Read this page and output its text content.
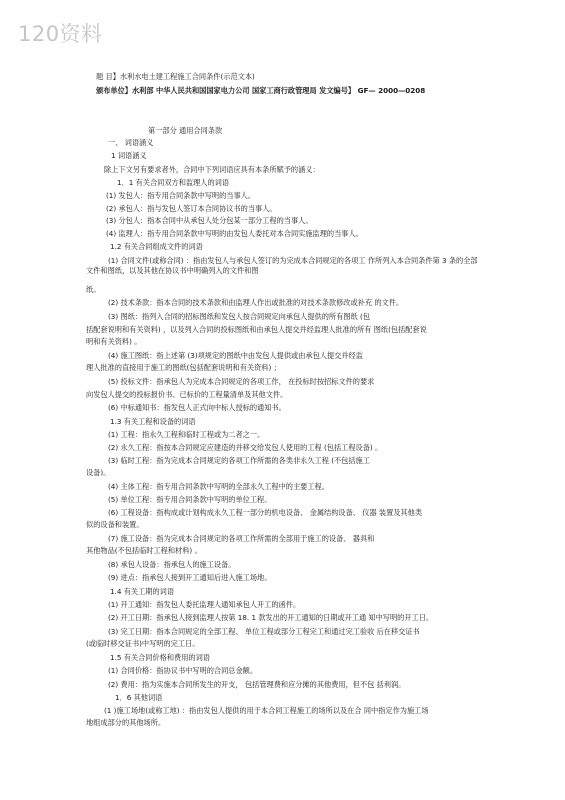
120资料
题 目】水利水电土建工程施工合同条件(示范文本)
颁布单位】水利部 中华人民共和国国家电力公司 国家工商行政管理局 发文编号】 GF— 2000—0208
第一部分 通用合同条款
一、 词语涵义
1 词语涵义
除上下文另有要求者外，合同中下列词语应具有本条所赋予的涵义：
1．1 有关合同双方和监理人的词语
(1) 发包人：指专用合同条款中写明的当事人。
(2) 承包人：指与发包人签订本合同协议书的当事人。
(3) 分包人：指本合同中从承包人处分包某一部分工程的当事人。
(4) 监理人：指专用合同条款中写明的由发包人委托对本合同实施监理的当事人。
1.2 有关合同组成文件的词语
(1) 合同文件(或称合同) ：指由发包人与承包人签订的为完成本合同规定的各项工 作所列入本合同条件第 3 条的全部文件和图纸，以及其他在协议书中明确列入的文件和图
纸。
(2) 技术条款：指本合同的技术条款和由监理人作出或批准的对技术条款修改或补充 的文件。
(3) 图纸：指列入合同的招标图纸和发包人按合同规定向承包人提供的所有图纸 (包
括配套说明和有关资料) ，以及列入合同的投标图纸和由承包人提交并经监理人批准的所有 图纸(包括配套说
明和有关资料) 。
(4) 施工图纸：指上述第 (3)项规定的图纸中由发包人提供或由承包人提交并经监
理人批准的直接用于施工的图纸(包括配套说明和有关资料) ；
(5) 投标文件：指承包人为完成本合同规定的各项工作， 在投标时按招标文件的要求
向发包人提交的投标报价书、已标价的工程量清单及其他文件。
(6) 中标通知书：指发包人正式向中标人授标的通知书。
1.3 有关工程和设备的词语
(1) 工程：指永久工程和临时工程或为二者之一。
(2) 永久工程：指按本合同规定应建造的并移交给发包人使用的工程 (包括工程设备) 。
(3) 临时工程：指为完成本合同规定的各项工作所需的各类非永久工程 (不包括施工
设备)。
(4) 主体工程：指专用合同条款中写明的全部永久工程中的主要工程。
(5) 单位工程：指专用合同条款中写明的单位工程。
(6) 工程设备：指构成或计划构成永久工程一部分的机电设备、 金属结构设备、 仪器 装置及其他类
似的设备和装置。
(7) 施工设备：指为完成本合同规定的各项工作所需的全部用于施工的设备、 器具和
其他物品(不包括临时工程和材料) 。
(8) 承包人设备：指承包人的施工设备。
(9) 进点：指承包人接到开工通知后进入施工场地。
1.4 有关工期的词语
(1) 开工通知：指发包人委托监理人通知承包人开工的函件。
(2) 开工日期：指承包人接到监理人按第 18. 1 款发出的开工通知的日期或开工通 知中写明的开工日。
(3) 完工日期：指本合同规定的全部工程、 单位工程或部分工程完工和通过完工验收 后在移交证书
(或临时移交证书)中写明的完工日。
1.5 有关合同价格和费用的词语
(1) 合同价格：指协议书中写明的合同总金额。
(2) 费用：指为实施本合同所发生的开支， 包括管理费和应分摊的其他费用，但不包 括利润。
1．6 其他词语
(1 )施工场地(或称工地) ：指由发包人提供的用于本合同工程施工的场所以及在合 同中指定作为施工场
地组成部分的其他场所。
